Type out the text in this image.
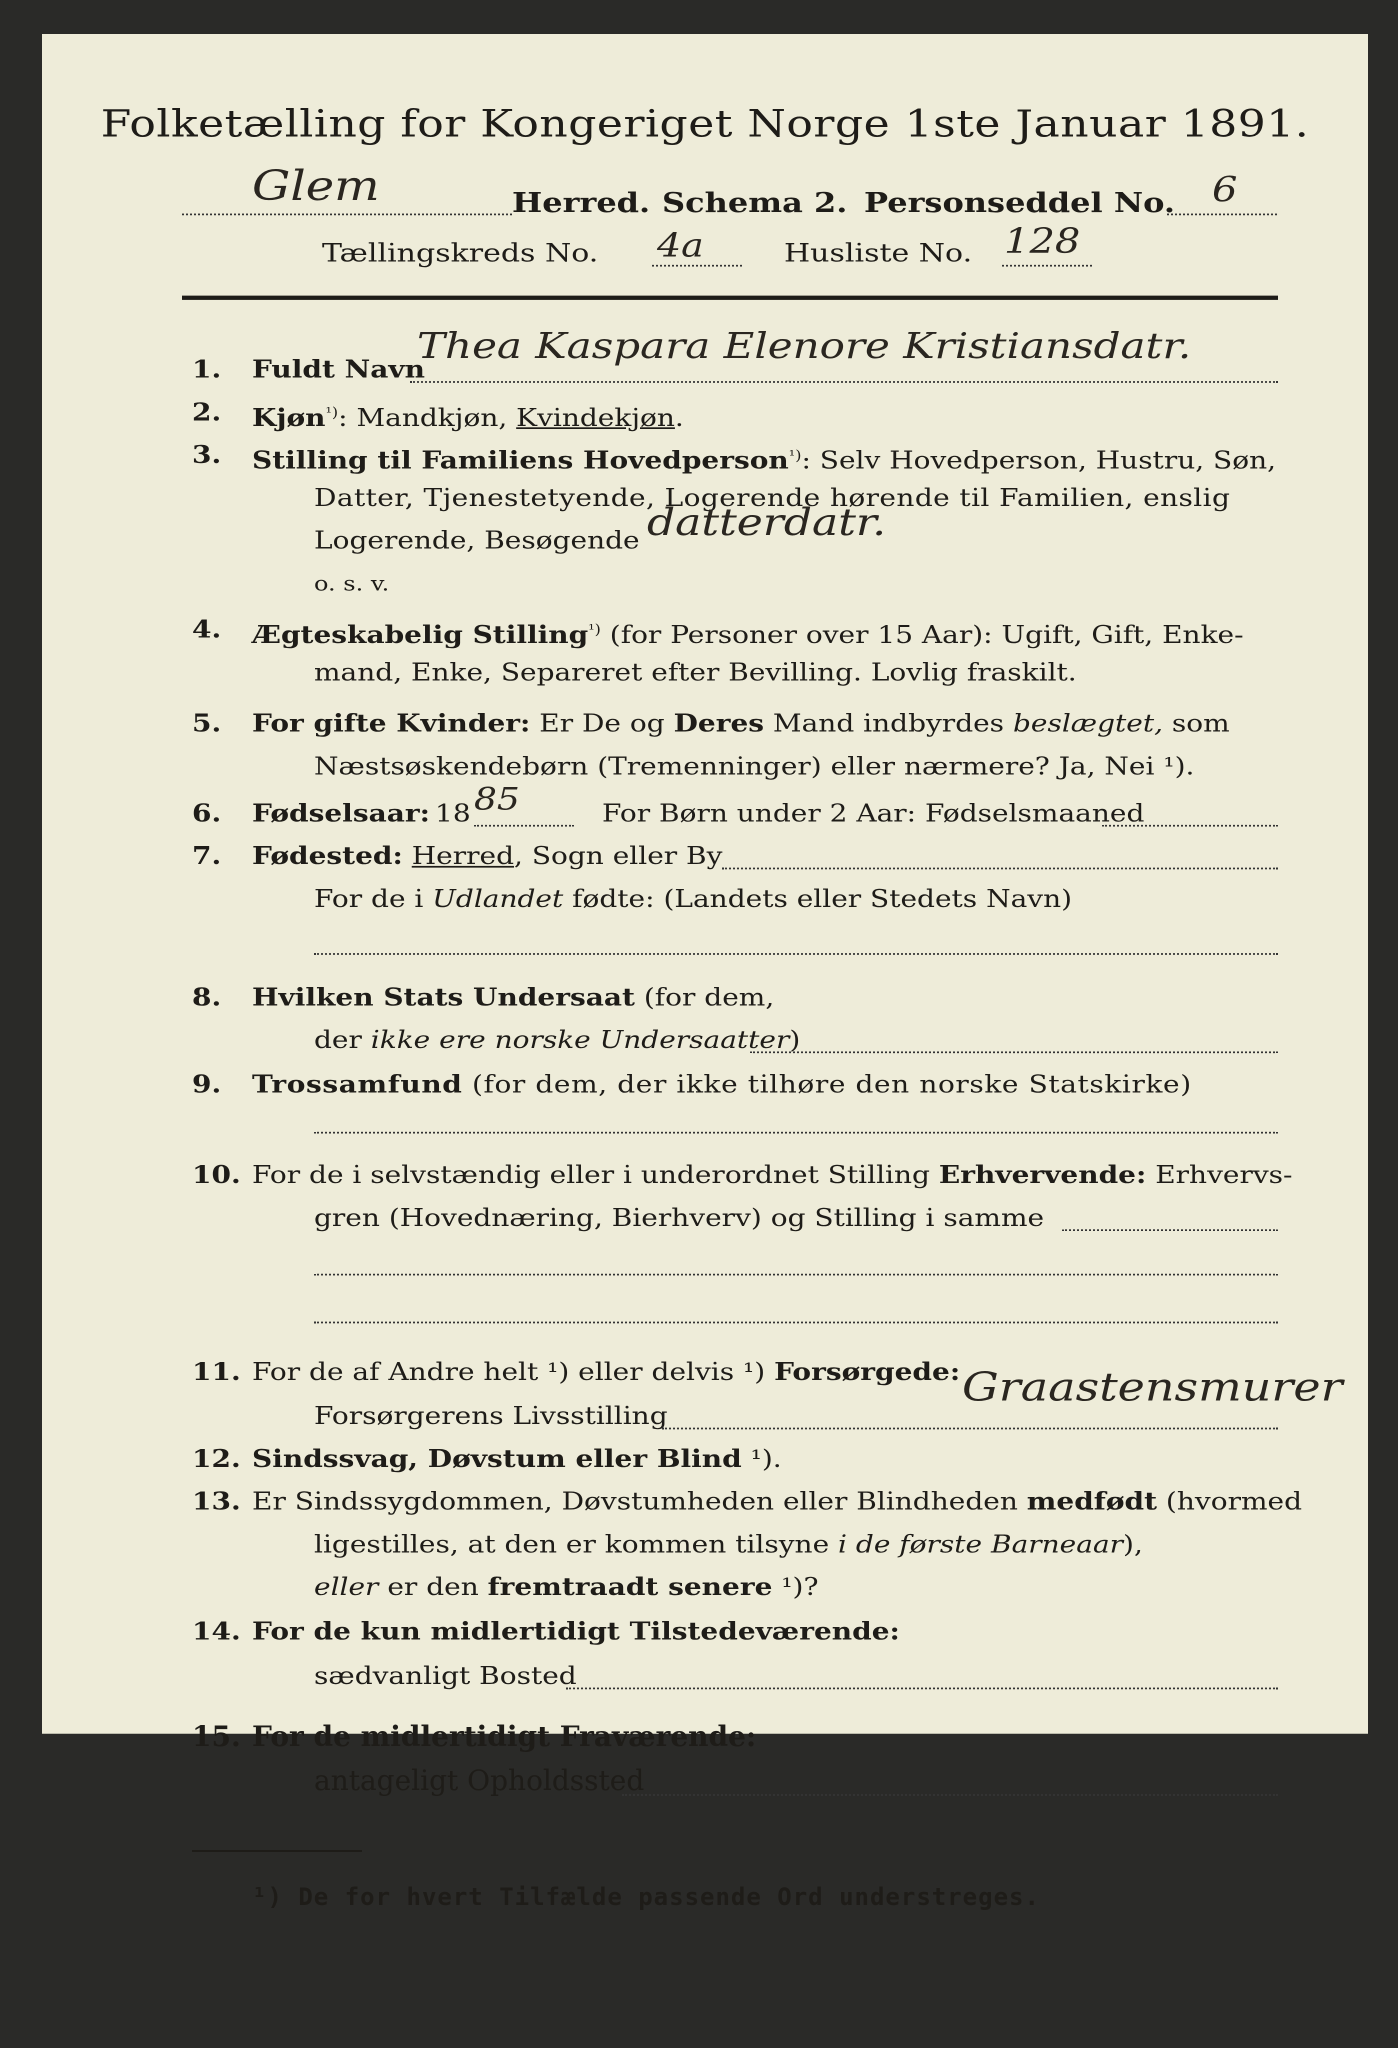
Folketælling for Kongeriget Norge 1ste Januar 1891.
Glem	Herred. Schema 2. Personseddel No. 6
Tællingskreds No. 4a	Husliste No. 128
1. Fuldt Navn
Thea Kaspara Elenore Kristiansdatr.
2. Kjøn$^{^1)}$: Mandkjøn, Kvindekjøn.
3. Stilling til Familiens Hovedperson$^{^1)}$: Selv Hovedperson, Hustru, Søn,
Datter, Tjenestetyende, Logerende hørende til Familien, enslig
Logerende, Besøgende datterdatr.
o. s. v.
4. Ægteskabelig Stilling$^{^1)}$ (for Personer over 15 Aar): Ugift, Gift, Enke-
mand, Enke, Separeret efter Bevilling. Lovlig fraskilt.
5. For gifte Kvinder: Er De og Deres Mand indbyrdes beslægtet, som
Næstsøskendebørn (Tremenninger) eller nærmere? Ja, Nei ¹).
6. Fødselsaar: 18 85	For Børn under 2 Aar: Fødselsmaaned
7. Fødested: Herred, Sogn eller By
For de i Udlandet fødte: (Landets eller Stedets Navn)
8. Hvilken Stats Undersaat (for dem,
der ikke ere norske Undersaatter)
9. Trossamfund (for dem, der ikke tilhøre den norske Statskirke)
10. For de i selvstændig eller i underordnet Stilling Erhvervende: Erhvervs-
gren (Hovednæring, Bierhverv) og Stilling i samme
11. For de af Andre helt ¹) eller delvis ¹) Forsørgede:
Forsørgerens Livsstilling
Graastensmurer
12. Sindssvag, Døvstum eller Blind ¹).
13. Er Sindssygdommen, Døvstumheden eller Blindheden medfødt (hvormed
ligestilles, at den er kommen tilsyne i de første Barneaar),
eller er den fremtraadt senere ¹)?
14. For de kun midlertidigt Tilstedeværende:
sædvanligt Bosted
15. For de midlertidigt Fraværende:
antageligt Opholdssted
¹) De for hvert Tilfælde passende Ord understreges.
